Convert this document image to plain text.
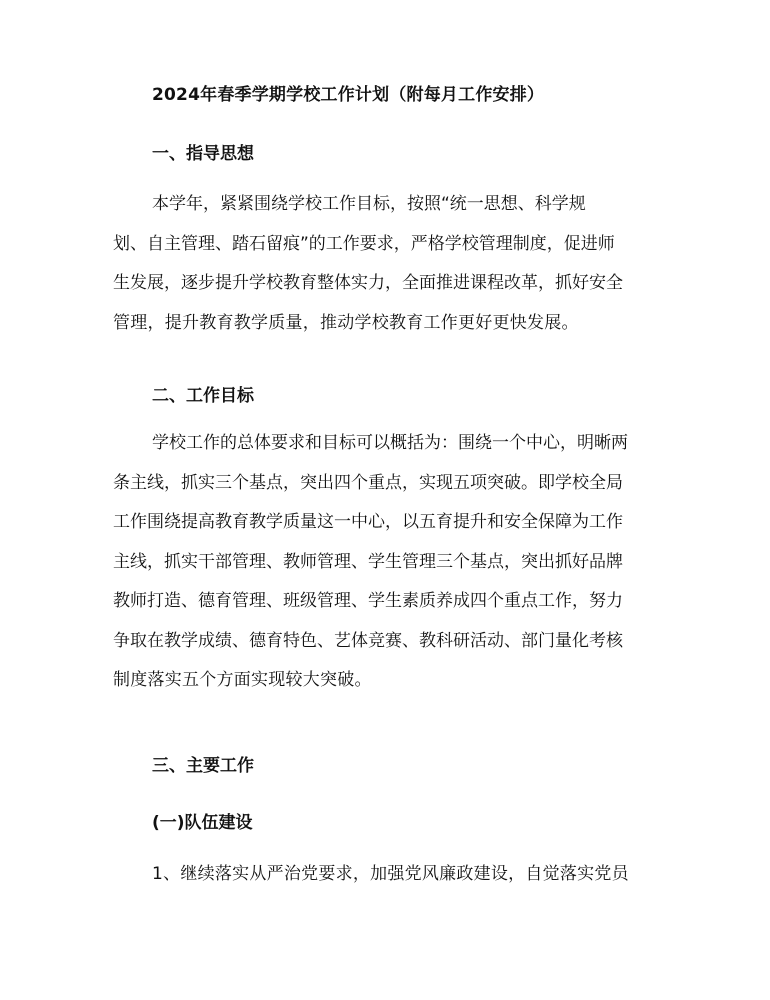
2024年春季学期学校工作计划（附每月工作安排）
一、指导思想
本学年，紧紧围绕学校工作目标，按照“统一思想、科学规
划、自主管理、踏石留痕”的工作要求，严格学校管理制度，促进师
生发展，逐步提升学校教育整体实力，全面推进课程改革，抓好安全
管理，提升教育教学质量，推动学校教育工作更好更快发展。
二、工作目标
学校工作的总体要求和目标可以概括为：围绕一个中心，明晰两
条主线，抓实三个基点，突出四个重点，实现五项突破。即学校全局
工作围绕提高教育教学质量这一中心，以五育提升和安全保障为工作
主线，抓实干部管理、教师管理、学生管理三个基点，突出抓好品牌
教师打造、德育管理、班级管理、学生素质养成四个重点工作，努力
争取在教学成绩、德育特色、艺体竞赛、教科研活动、部门量化考核
制度落实五个方面实现较大突破。
三、主要工作
(一)队伍建设
1、继续落实从严治党要求，加强党风廉政建设，自觉落实党员
